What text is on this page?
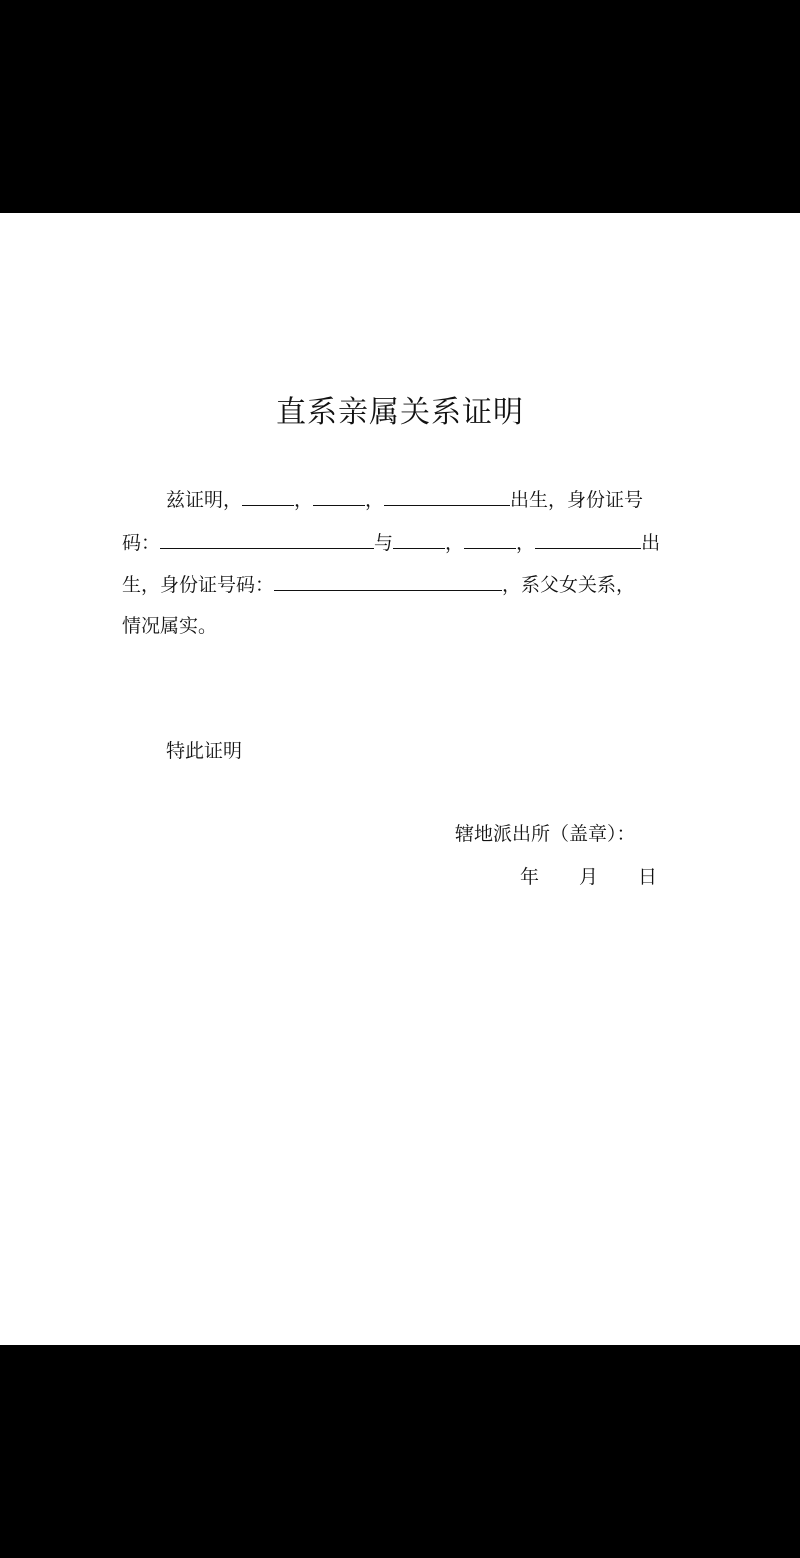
直系亲属关系证明
兹证明，	，	，	出生，身份证号
码：	与	，	，	出
生，身份证号码：	，系父女关系，
情况属实。
特此证明
辖地派出所（盖章）：
年 月 日
